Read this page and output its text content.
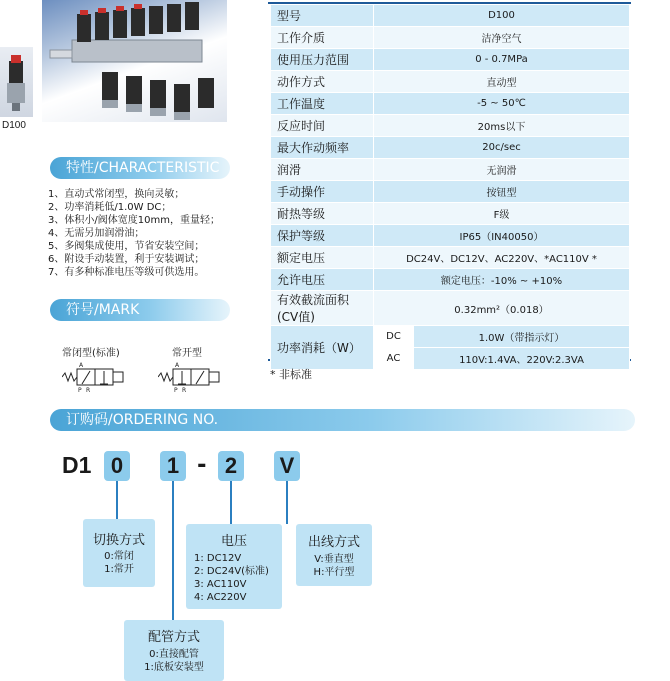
D100
特性/CHARACTERISTIC
1、直动式常闭型，换向灵敏；
2、功率消耗低/1.0W DC；
3、体积小/阀体宽度10mm，重量轻；
4、无需另加润滑油；
5、多阀集成使用，节省安装空间；
6、附设手动装置，利于安装调试；
7、有多种标准电压等级可供选用。
符号/MARK
常闭型(标准)	常开型
A
P R
A
P R
型号	D100	
工作介质	洁净空气	
使用压力范围	0 - 0.7MPa	
动作方式	直动型	
工作温度	-5 ~ 50℃	
反应时间	20ms以下	
最大作动频率	20c/sec	
润滑	无润滑	
手动操作	按钮型	
耐热等级	F级	
保护等级	IP65（IN40050）	
额定电压	DC24V、DC12V、AC220V、*AC110V *	
允许电压	额定电压：-10% ~ +10%	
有效截流面积(CV值)	0.32mm²（0.018）	
功率消耗（W）	DC	1.0W（带指示灯）
	AC	110V:1.4VA、220V:2.3VA
* 非标准
订购码/ORDERING NO.
D1 0	1 - 2	V
切换方式
0:常闭
1:常开
电压
1: DC12V
2: DC24V(标准)
3: AC110V
4: AC220V
出线方式
V:垂直型
H:平行型
配管方式
0:直接配管
1:底板安装型
